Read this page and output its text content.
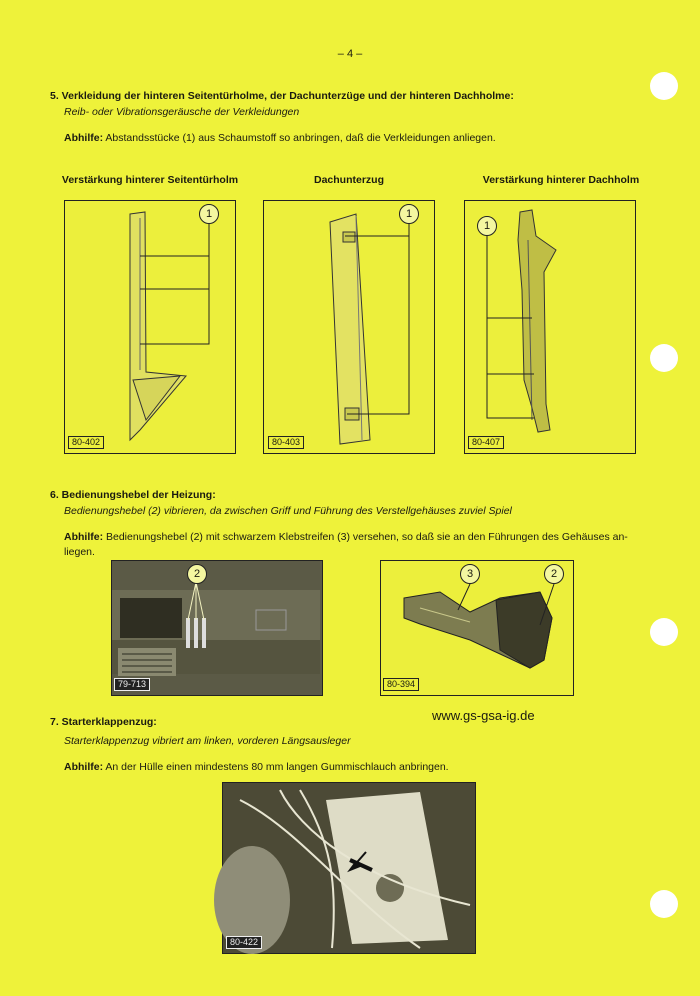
– 4 –
5. Verkleidung der hinteren Seitentürholme, der Dachunterzüge und der hinteren Dachholme:
Reib- oder Vibrationsgeräusche der Verkleidungen
Abhilfe: Abstandsstücke (1) aus Schaumstoff so anbringen, daß die Verkleidungen anliegen.
Verstärkung hinterer Seitentürholm	Dachunterzug	Verstärkung hinterer Dachholm
6. Bedienungshebel der Heizung:
Bedienungshebel (2) vibrieren, da zwischen Griff und Führung des Verstellgehäuses zuviel Spiel
Abhilfe: Bedienungshebel (2) mit schwarzem Klebstreifen (3) versehen, so daß sie an den Führungen des Gehäuses an-
liegen.
www.gs-gsa-ig.de
7. Starterklappenzug:
Starterklappenzug vibriert am linken, vorderen Längsausleger
Abhilfe: An der Hülle einen mindestens 80 mm langen Gummischlauch anbringen.
1	1
1
2	3	2
80-402	80-403	80-407
79-713	80-394
80-422
